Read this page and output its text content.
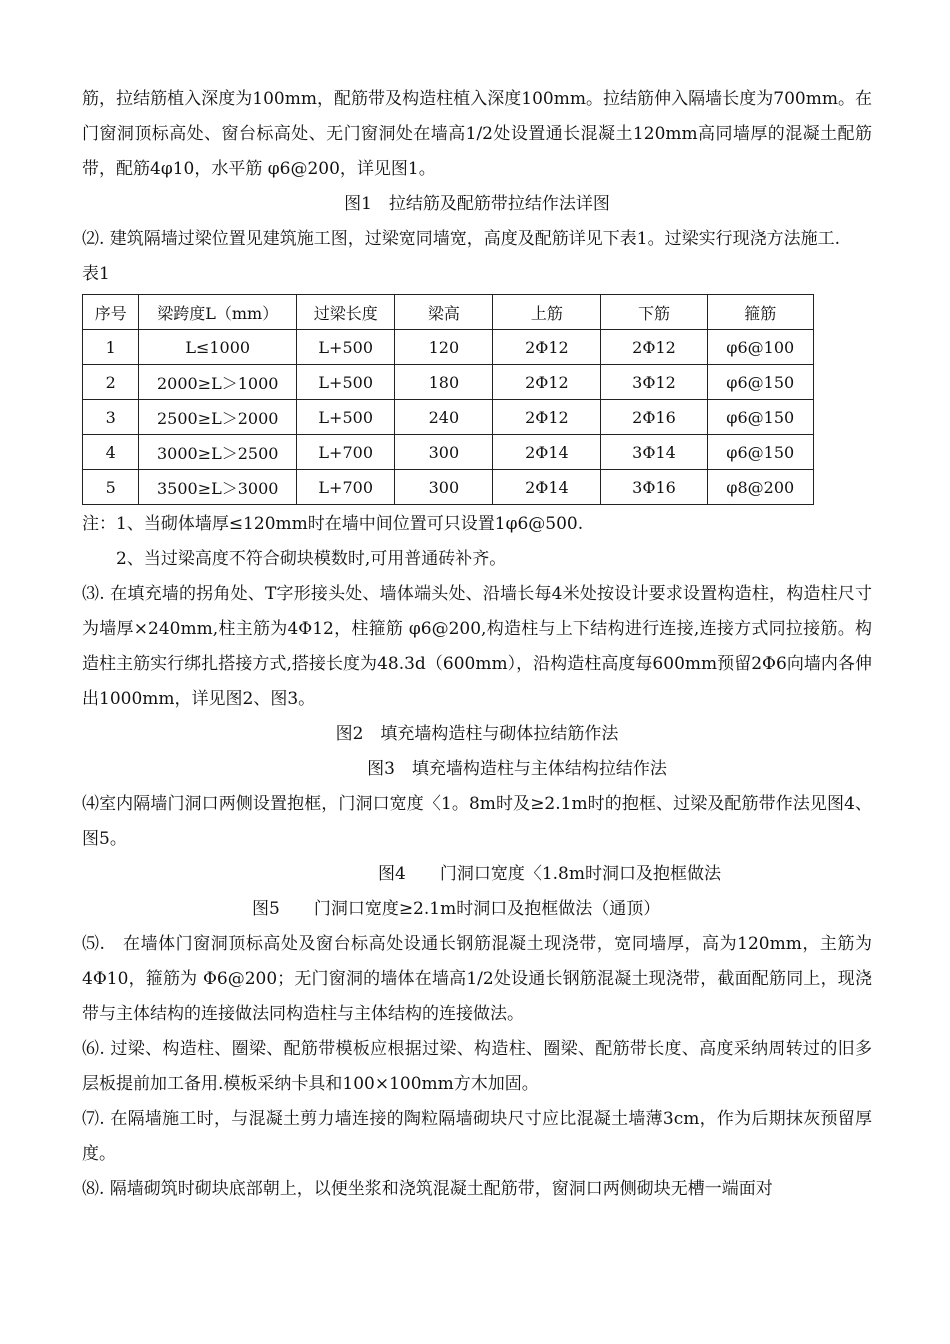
筋，拉结筋植入深度为100mm，配筋带及构造柱植入深度100mm。拉结筋伸入隔墙长度为700mm。在门窗洞顶标高处、窗台标高处、无门窗洞处在墙高1/2处设置通长混凝土120mm高同墙厚的混凝土配筋带，配筋4φ10，水平筋 φ6@200，详见图1。

图1　拉结筋及配筋带拉结作法详图

⑵. 建筑隔墙过梁位置见建筑施工图，过梁宽同墙宽，高度及配筋详见下表1。过梁实行现浇方法施工.

表1

序号	梁跨度L（mm）	过梁长度	梁高	上筋	下筋	箍筋
1	L≤1000	L+500	120	2Φ12	2Φ12	φ6@100
2	2000≥L＞1000	L+500	180	2Φ12	3Φ12	φ6@150
3	2500≥L＞2000	L+500	240	2Φ12	2Φ16	φ6@150
4	3000≥L＞2500	L+700	300	2Φ14	3Φ14	φ6@150
5	3500≥L＞3000	L+700	300	2Φ14	3Φ16	φ8@200

注：1、当砌体墙厚≤120mm时在墙中间位置可只设置1φ6@500.

2、当过梁高度不符合砌块模数时,可用普通砖补齐。

⑶. 在填充墙的拐角处、T字形接头处、墙体端头处、沿墙长每4米处按设计要求设置构造柱，构造柱尺寸为墙厚×240mm,柱主筋为4Φ12，柱箍筋 φ6@200,构造柱与上下结构进行连接,连接方式同拉接筋。构造柱主筋实行绑扎搭接方式,搭接长度为48.3d（600mm），沿构造柱高度每600mm预留2Φ6向墙内各伸出1000mm，详见图2、图3。

图2　填充墙构造柱与砌体拉结筋作法

图3　填充墙构造柱与主体结构拉结作法

⑷室内隔墙门洞口两侧设置抱框，门洞口宽度〈1。8m时及≥2.1m时的抱框、过梁及配筋带作法见图4、图5。

图4　　门洞口宽度〈1.8m时洞口及抱框做法

图5　　门洞口宽度≥2.1m时洞口及抱框做法（通顶）

⑸.　在墙体门窗洞顶标高处及窗台标高处设通长钢筋混凝土现浇带，宽同墙厚，高为120mm，主筋为4Φ10，箍筋为 Φ6@200；无门窗洞的墙体在墙高1/2处设通长钢筋混凝土现浇带，截面配筋同上，现浇带与主体结构的连接做法同构造柱与主体结构的连接做法。

⑹. 过梁、构造柱、圈梁、配筋带模板应根据过梁、构造柱、圈梁、配筋带长度、高度采纳周转过的旧多层板提前加工备用.模板采纳卡具和100×100mm方木加固。

⑺. 在隔墙施工时，与混凝土剪力墙连接的陶粒隔墙砌块尺寸应比混凝土墙薄3cm，作为后期抹灰预留厚度。

⑻. 隔墙砌筑时砌块底部朝上，以便坐浆和浇筑混凝土配筋带，窗洞口两侧砌块无槽一端面对
